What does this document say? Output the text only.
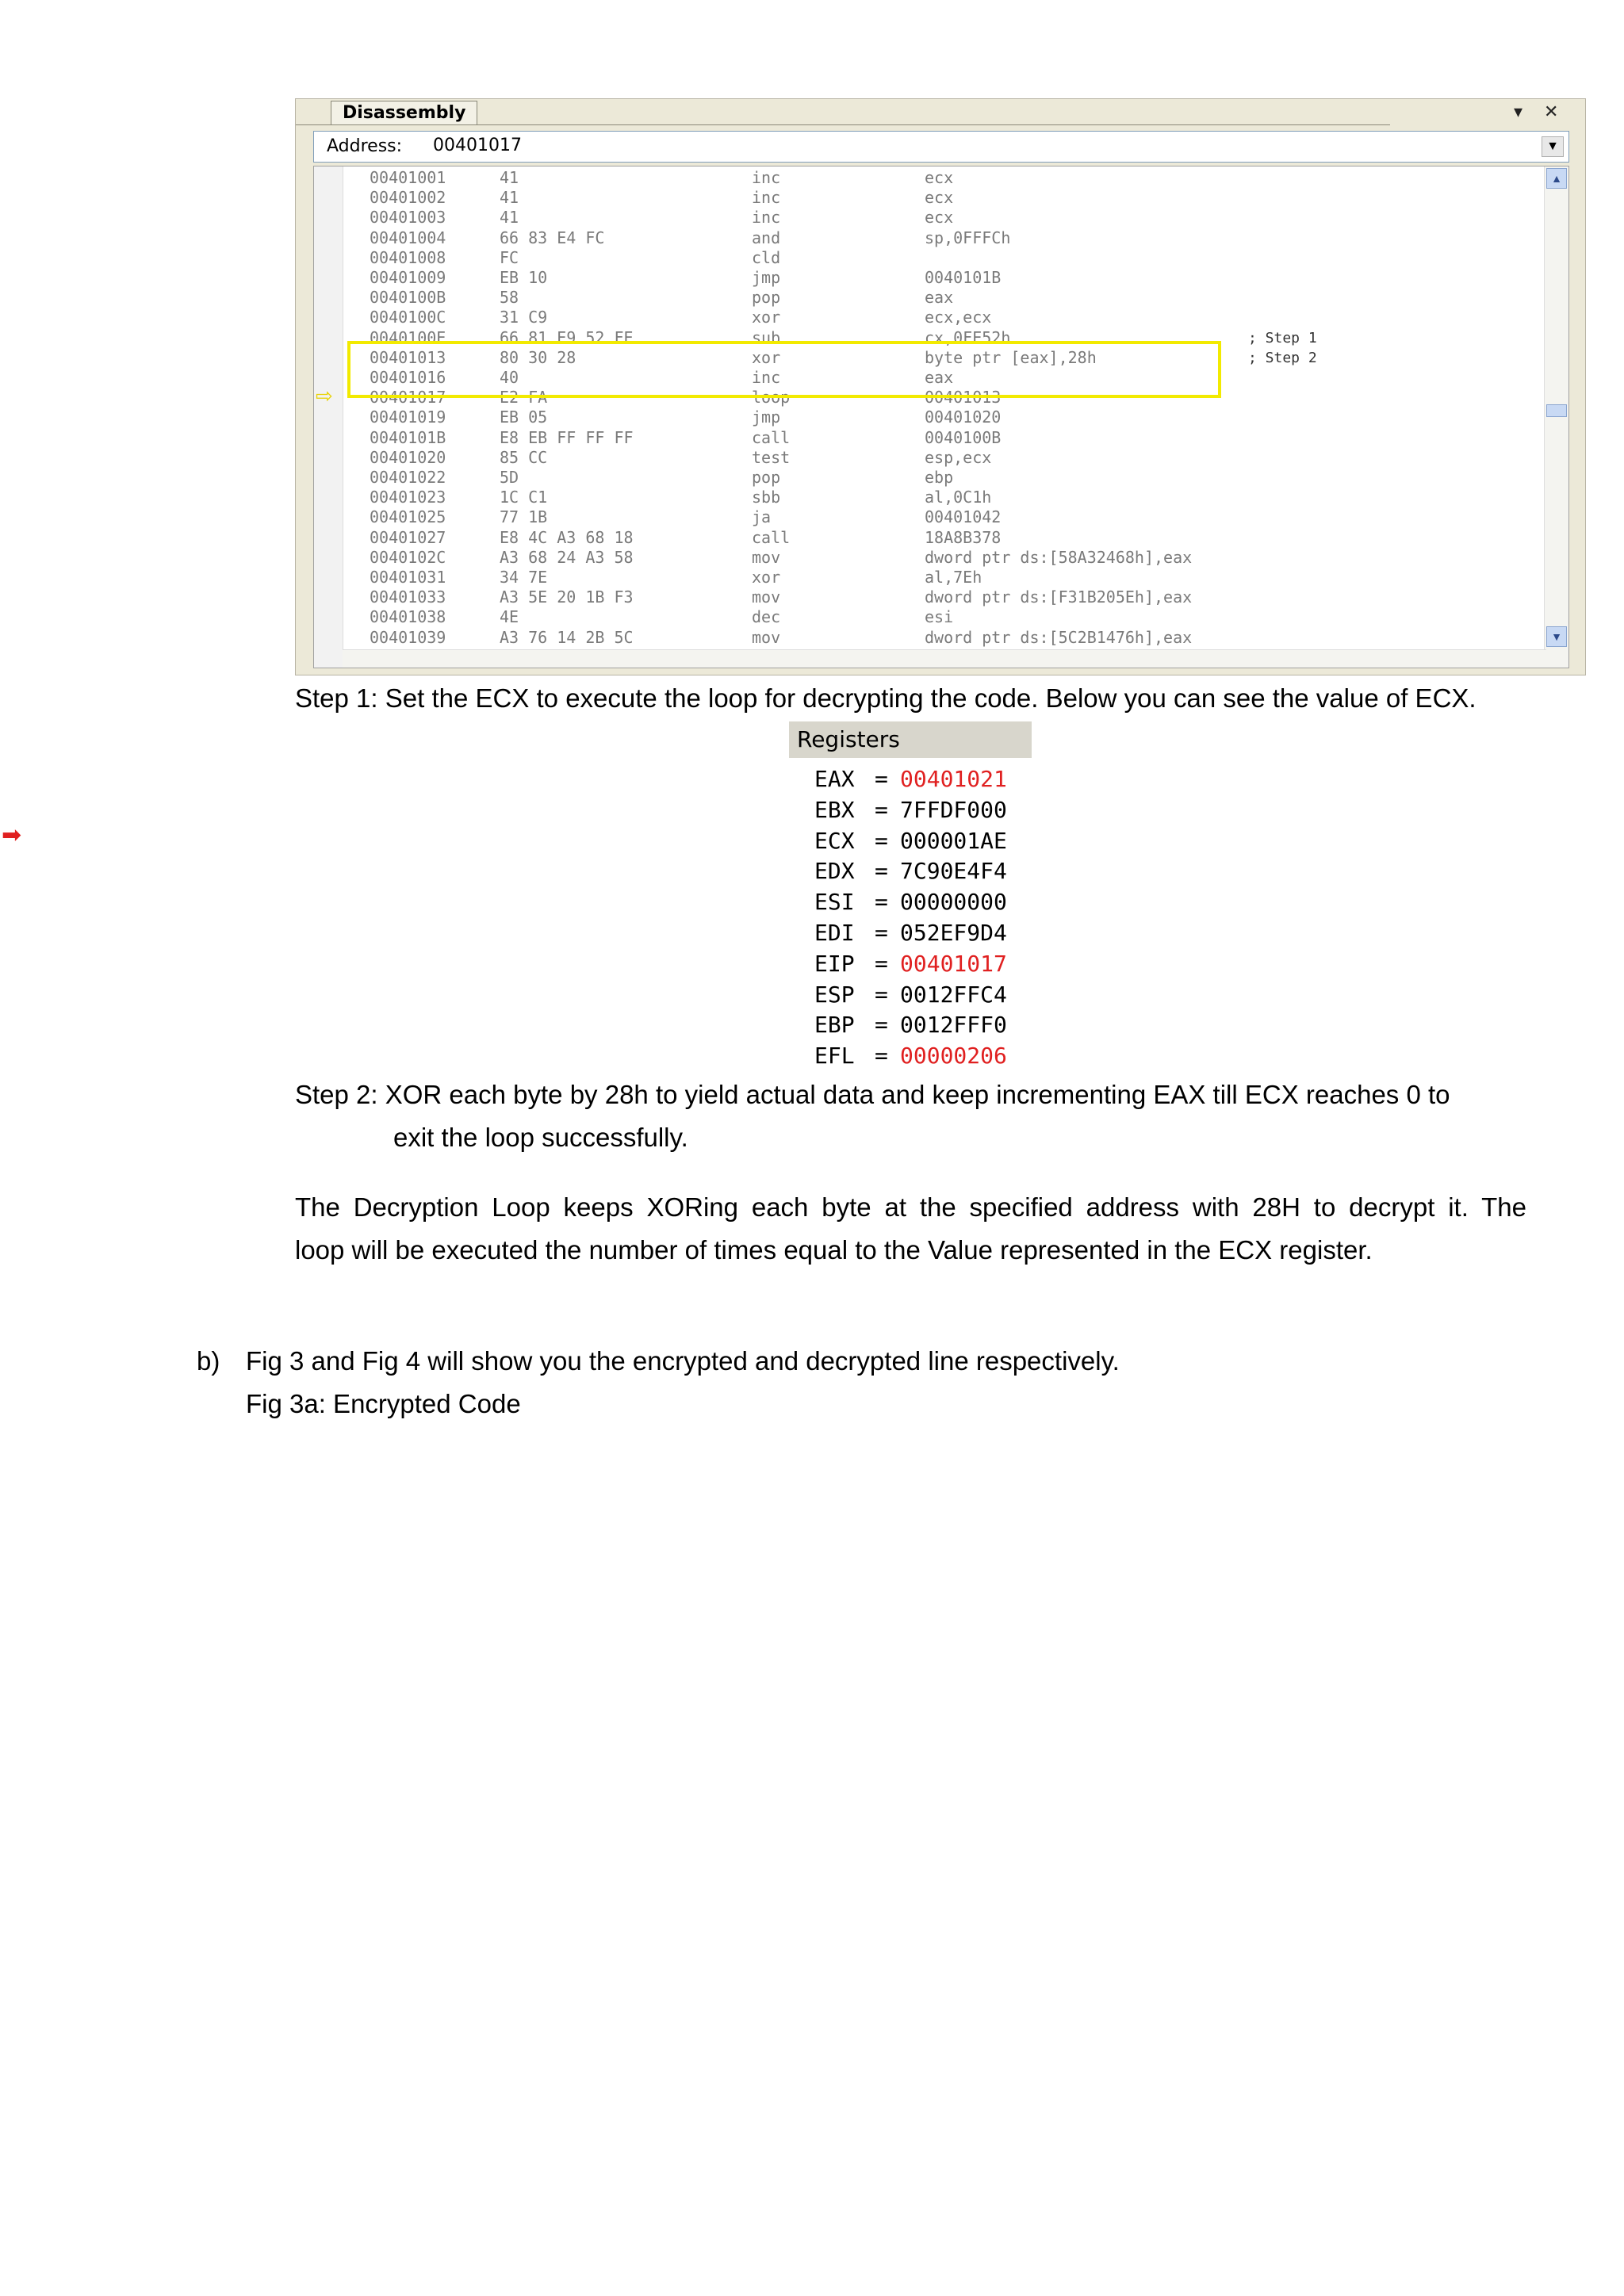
Disassembly	▾ ✕
Address: 00401017	▼
00401001	41	inc	ecx
00401002	41	inc	ecx
00401003	41	inc	ecx
00401004	66 83 E4 FC	and	sp,0FFFCh
00401008	FC	cld
00401009	EB 10	jmp	0040101B
0040100B	58	pop	eax
0040100C	31 C9	xor	ecx,ecx
0040100E	66 81 E9 52 FE	sub	cx,0FE52h	; Step 1
00401013	80 30 28	xor	byte ptr [eax],28h	; Step 2
00401016	40	inc	eax
00401017	E2 FA	loop	00401013
00401019	EB 05	jmp	00401020
0040101B	E8 EB FF FF FF	call	0040100B
00401020	85 CC	test	esp,ecx
00401022	5D	pop	ebp
00401023	1C C1	sbb	al,0C1h
00401025	77 1B	ja	00401042
00401027	E8 4C A3 68 18	call	18A8B378
0040102C	A3 68 24 A3 58	mov	dword ptr ds:[58A32468h],eax
00401031	34 7E	xor	al,7Eh
00401033	A3 5E 20 1B F3	mov	dword ptr ds:[F31B205Eh],eax
00401038	4E	dec	esi
00401039	A3 76 14 2B 5C	mov	dword ptr ds:[5C2B1476h],eax
▲
▼
⇨
Step 1: Set the ECX to execute the loop for decrypting the code. Below you can see the value of ECX.
Registers
EAX = 00401021
EBX = 7FFDF000
ECX = 000001AE
EDX = 7C90E4F4
ESI = 00000000
EDI = 052EF9D4
EIP = 00401017
ESP = 0012FFC4
EBP = 0012FFF0
EFL = 00000206
➡
Step 2: XOR each byte by 28h to yield actual data and keep incrementing EAX till ECX reaches 0 to
exit the loop successfully.
The Decryption Loop keeps XORing each byte at the specified address with 28H to decrypt it. The
loop will be executed the number of times equal to the Value represented in the ECX register.
b) Fig 3 and Fig 4 will show you the encrypted and decrypted line respectively.
Fig 3a: Encrypted Code
